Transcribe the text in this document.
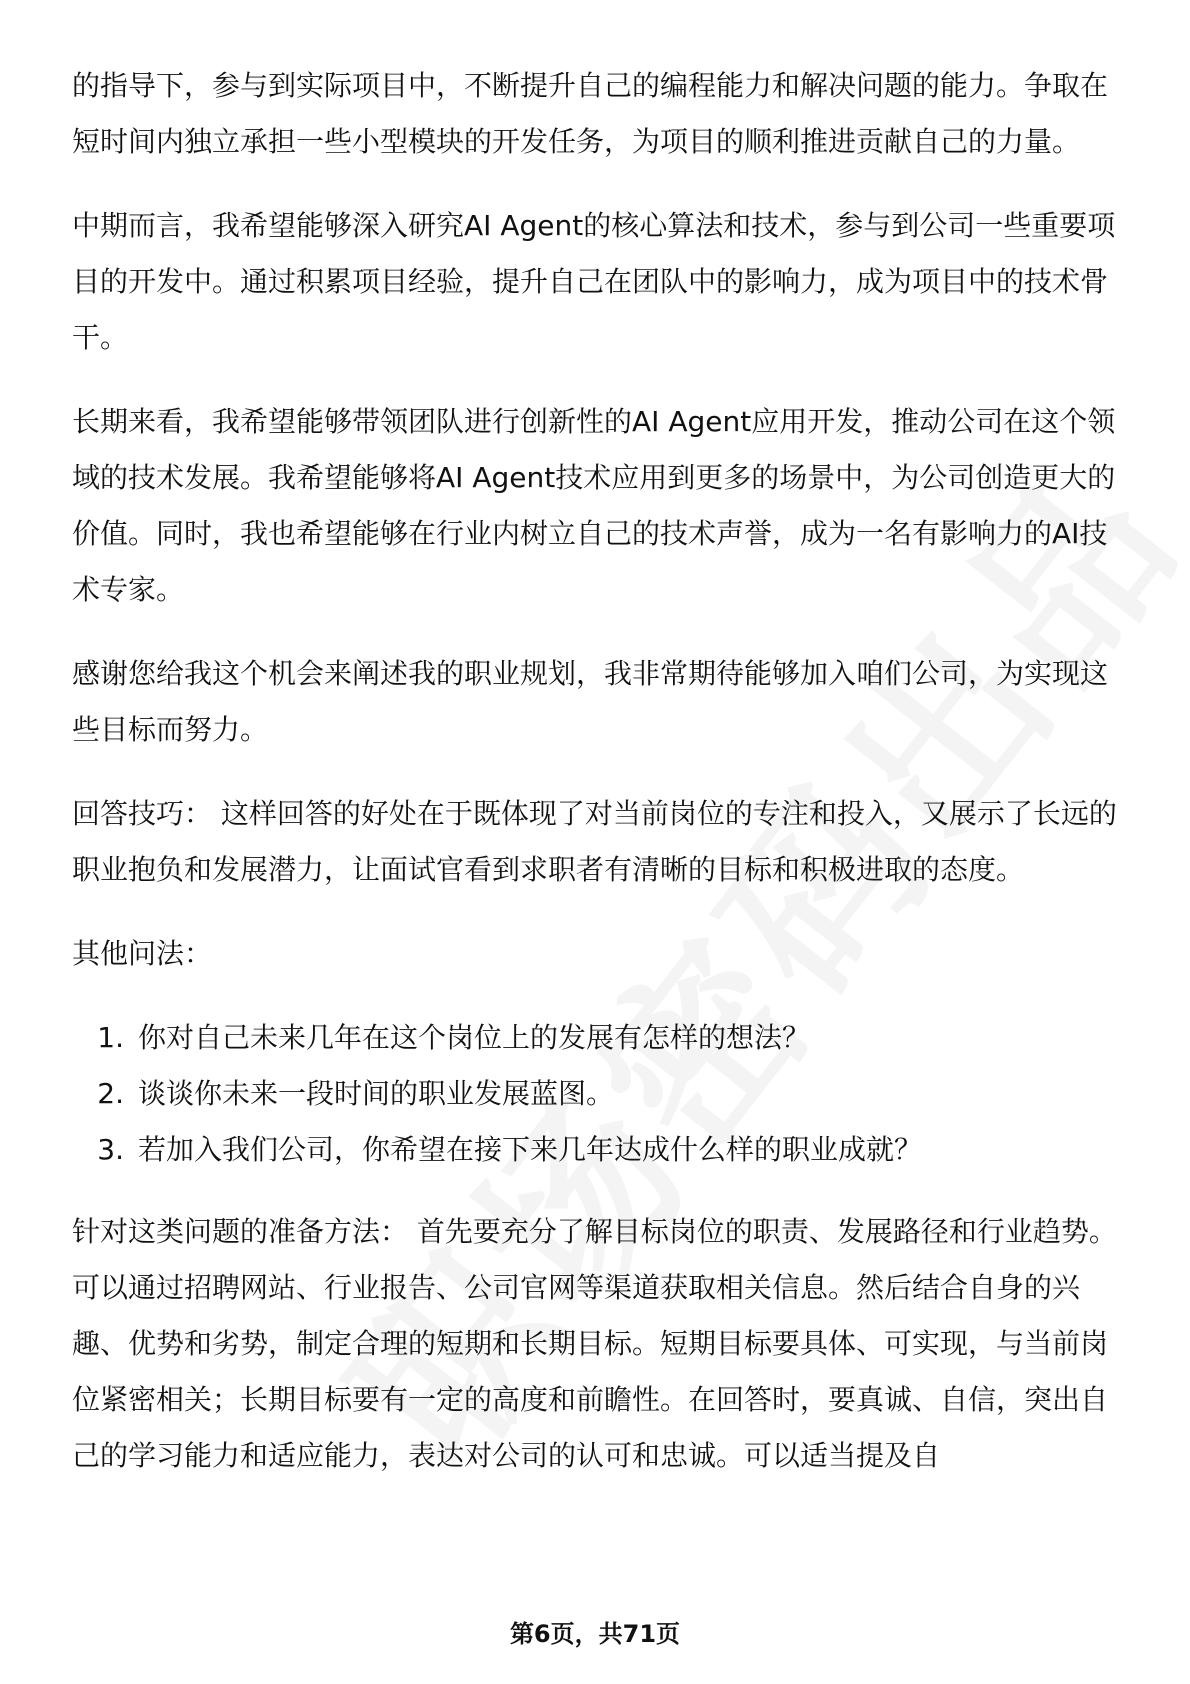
的指导下，参与到实际项目中，不断提升自己的编程能力和解决问题的能力。争取在短时间内独立承担一些小型模块的开发任务，为项目的顺利推进贡献自己的力量。

中期而言，我希望能够深入研究AI Agent的核心算法和技术，参与到公司一些重要项目的开发中。通过积累项目经验，提升自己在团队中的影响力，成为项目中的技术骨干。

长期来看，我希望能够带领团队进行创新性的AI Agent应用开发，推动公司在这个领域的技术发展。我希望能够将AI Agent技术应用到更多的场景中，为公司创造更大的价值。同时，我也希望能够在行业内树立自己的技术声誉，成为一名有影响力的AI技术专家。

感谢您给我这个机会来阐述我的职业规划，我非常期待能够加入咱们公司，为实现这些目标而努力。

回答技巧： 这样回答的好处在于既体现了对当前岗位的专注和投入，又展示了长远的职业抱负和发展潜力，让面试官看到求职者有清晰的目标和积极进取的态度。

其他问法：

1. 你对自己未来几年在这个岗位上的发展有怎样的想法？
2. 谈谈你未来一段时间的职业发展蓝图。
3. 若加入我们公司，你希望在接下来几年达成什么样的职业成就？

针对这类问题的准备方法： 首先要充分了解目标岗位的职责、发展路径和行业趋势。可以通过招聘网站、行业报告、公司官网等渠道获取相关信息。然后结合自身的兴趣、优势和劣势，制定合理的短期和长期目标。短期目标要具体、可实现，与当前岗位紧密相关；长期目标要有一定的高度和前瞻性。在回答时，要真诚、自信，突出自己的学习能力和适应能力，表达对公司的认可和忠诚。可以适当提及自

第6页，共71页
